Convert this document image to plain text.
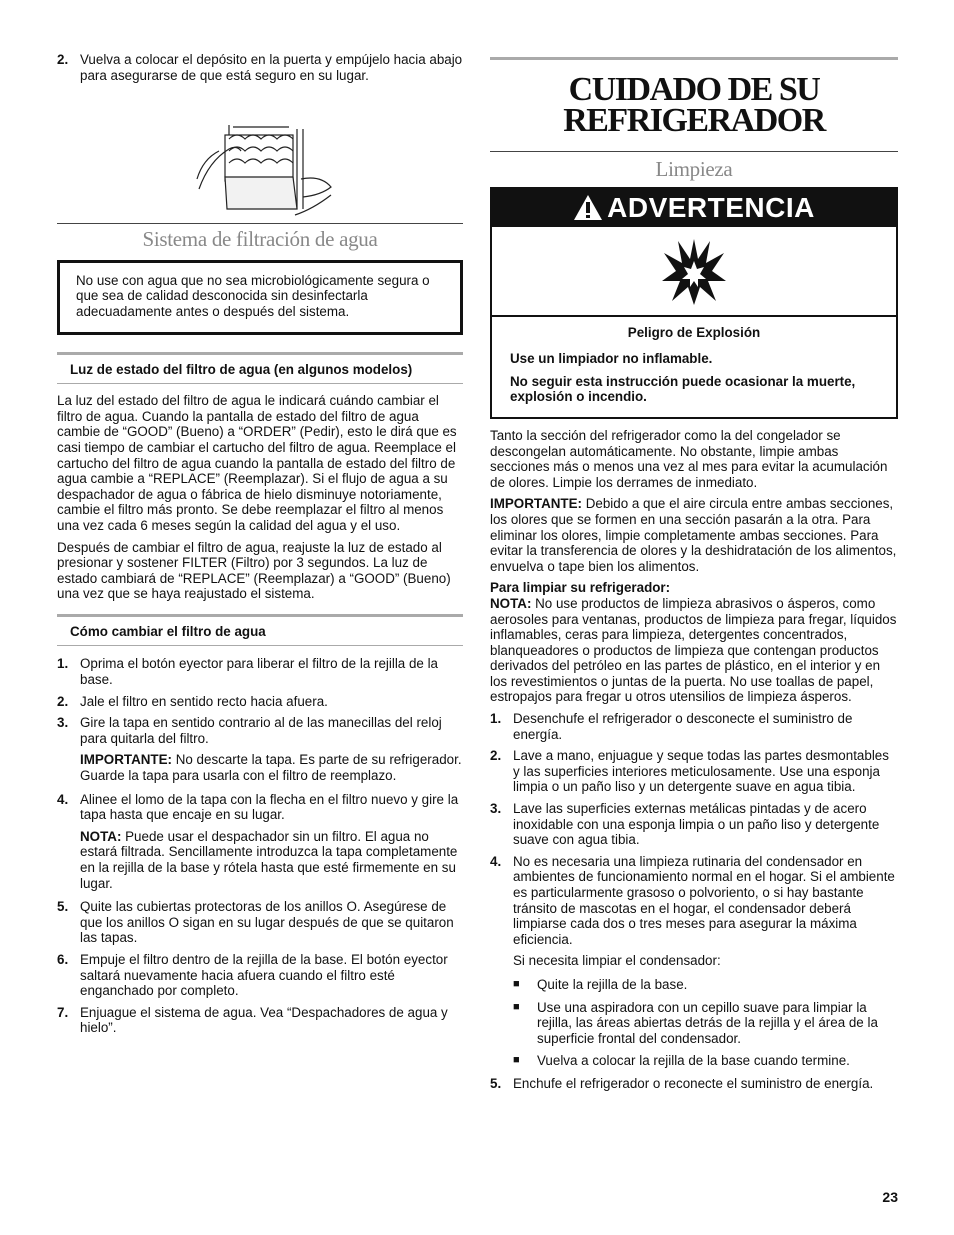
2. Vuelva a colocar el depósito en la puerta y empújelo hacia abajo para asegurarse de que está seguro en su lugar.
Sistema de filtración de agua
No use con agua que no sea microbiológicamente segura o que sea de calidad desconocida sin desinfectarla adecuadamente antes o después del sistema.
Luz de estado del filtro de agua (en algunos modelos)

La luz del estado del filtro de agua le indicará cuándo cambiar el filtro de agua. Cuando la pantalla de estado del filtro de agua cambie de “GOOD” (Bueno) a “ORDER” (Pedir), esto le dirá que es casi tiempo de cambiar el cartucho del filtro de agua. Reemplace el cartucho del filtro de agua cuando la pantalla de estado del filtro de agua cambie a “REPLACE” (Reemplazar). Si el flujo de agua a su despachador de agua o fábrica de hielo disminuye notoriamente, cambie el filtro más pronto. Se debe reemplazar el filtro al menos una vez cada 6 meses según la calidad del agua y el uso.

Después de cambiar el filtro de agua, reajuste la luz de estado al presionar y sostener FILTER (Filtro) por 3 segundos. La luz de estado cambiará de “REPLACE” (Reemplazar) a “GOOD” (Bueno) una vez que se haya reajustado el sistema.

Cómo cambiar el filtro de agua
1. Oprima el botón eyector para liberar el filtro de la rejilla de la base.
2. Jale el filtro en sentido recto hacia afuera.
3. Gire la tapa en sentido contrario al de las manecillas del reloj para quitarla del filtro.
IMPORTANTE: No descarte la tapa. Es parte de su refrigerador. Guarde la tapa para usarla con el filtro de reemplazo.
4. Alinee el lomo de la tapa con la flecha en el filtro nuevo y gire la tapa hasta que encaje en su lugar.
NOTA: Puede usar el despachador sin un filtro. El agua no estará filtrada. Sencillamente introduzca la tapa completamente en la rejilla de la base y rótela hasta que esté firmemente en su lugar.
5. Quite las cubiertas protectoras de los anillos O. Asegúrese de que los anillos O sigan en su lugar después de que se quitaron las tapas.
6. Empuje el filtro dentro de la rejilla de la base. El botón eyector saltará nuevamente hacia afuera cuando el filtro esté enganchado por completo.
7. Enjuague el sistema de agua. Vea “Despachadores de agua y hielo”.
CUIDADO DE SU REFRIGERADOR
Limpieza
ADVERTENCIA
Peligro de Explosión
Use un limpiador no inflamable.
No seguir esta instrucción puede ocasionar la muerte, explosión o incendio.

Tanto la sección del refrigerador como la del congelador se descongelan automáticamente. No obstante, limpie ambas secciones más o menos una vez al mes para evitar la acumulación de olores. Limpie los derrames de inmediato.

IMPORTANTE: Debido a que el aire circula entre ambas secciones, los olores que se formen en una sección pasarán a la otra. Para eliminar los olores, limpie completamente ambas secciones. Para evitar la transferencia de olores y la deshidratación de los alimentos, envuelva o tape bien los alimentos.

Para limpiar su refrigerador:

NOTA: No use productos de limpieza abrasivos o ásperos, como aerosoles para ventanas, productos de limpieza para fregar, líquidos inflamables, ceras para limpieza, detergentes concentrados, blanqueadores o productos de limpieza que contengan productos derivados del petróleo en las partes de plástico, en el interior y en los revestimientos o juntas de la puerta. No use toallas de papel, estropajos para fregar u otros utensilios de limpieza ásperos.

1. Desenchufe el refrigerador o desconecte el suministro de energía.
2. Lave a mano, enjuague y seque todas las partes desmontables y las superficies interiores meticulosamente. Use una esponja limpia o un paño liso y un detergente suave en agua tibia.
3. Lave las superficies externas metálicas pintadas y de acero inoxidable con una esponja limpia o un paño liso y detergente suave con agua tibia.
4. No es necesaria una limpieza rutinaria del condensador en ambientes de funcionamiento normal en el hogar. Si el ambiente es particularmente grasoso o polvoriento, o si hay bastante tránsito de mascotas en el hogar, el condensador deberá limpiarse cada dos o tres meses para asegurar la máxima eficiencia.
Si necesita limpiar el condensador:
■	Quite la rejilla de la base.
■	Use una aspiradora con un cepillo suave para limpiar la rejilla, las áreas abiertas detrás de la rejilla y el área de la superficie frontal del condensador.
■	Vuelva a colocar la rejilla de la base cuando termine.
5. Enchufe el refrigerador o reconecte el suministro de energía.
23
